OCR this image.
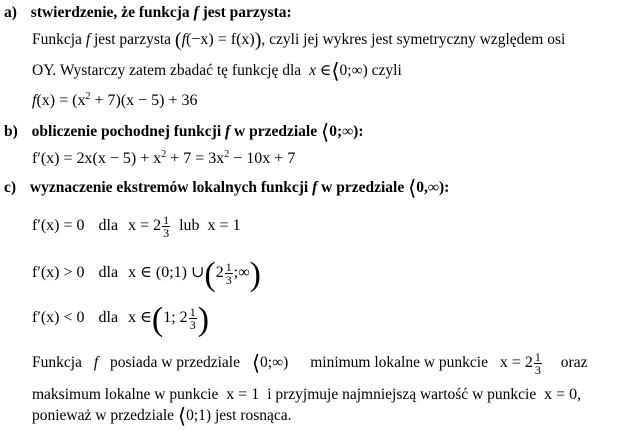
a) stwierdzenie, że funkcja f jest parzysta:
Funkcja f jest parzysta (f(−x) = f(x)), czyli jej wykres jest symetryczny względem osi
OY. Wystarczy zatem zbadać tę funkcję dla x ∈⟨0;∞) czyli
$f(x) = (x^2 + 7)(x - 5) + 36$
b) obliczenie pochodnej funkcji f w przedziale ⟨0;∞):
$f'(x) = 2x(x - 5) + x^2 + 7 = 3x^2 - 10x + 7$
c) wyznaczenie ekstremów lokalnych funkcji f w przedziale ⟨0,∞):
f′(x) = 0 dla $x = 2 \frac{1}{3}$ lub x = 1
f′(x) > 0 dla x ∈ (0;1) ∪(2 $\frac{1}{3}$ ;∞)
f′(x) < 0 dla x ∈(1; $2 \frac{1}{3}$ )
Funkcja f posiada w przedziale ⟨0;∞) minimum lokalne w punkcie $x = 2 \frac{1}{3}$ oraz
maksimum lokalne w punkcie x = 1 i przyjmuje najmniejszą wartość w punkcie x = 0,
ponieważ w przedziale ⟨0;1) jest rosnąca.
